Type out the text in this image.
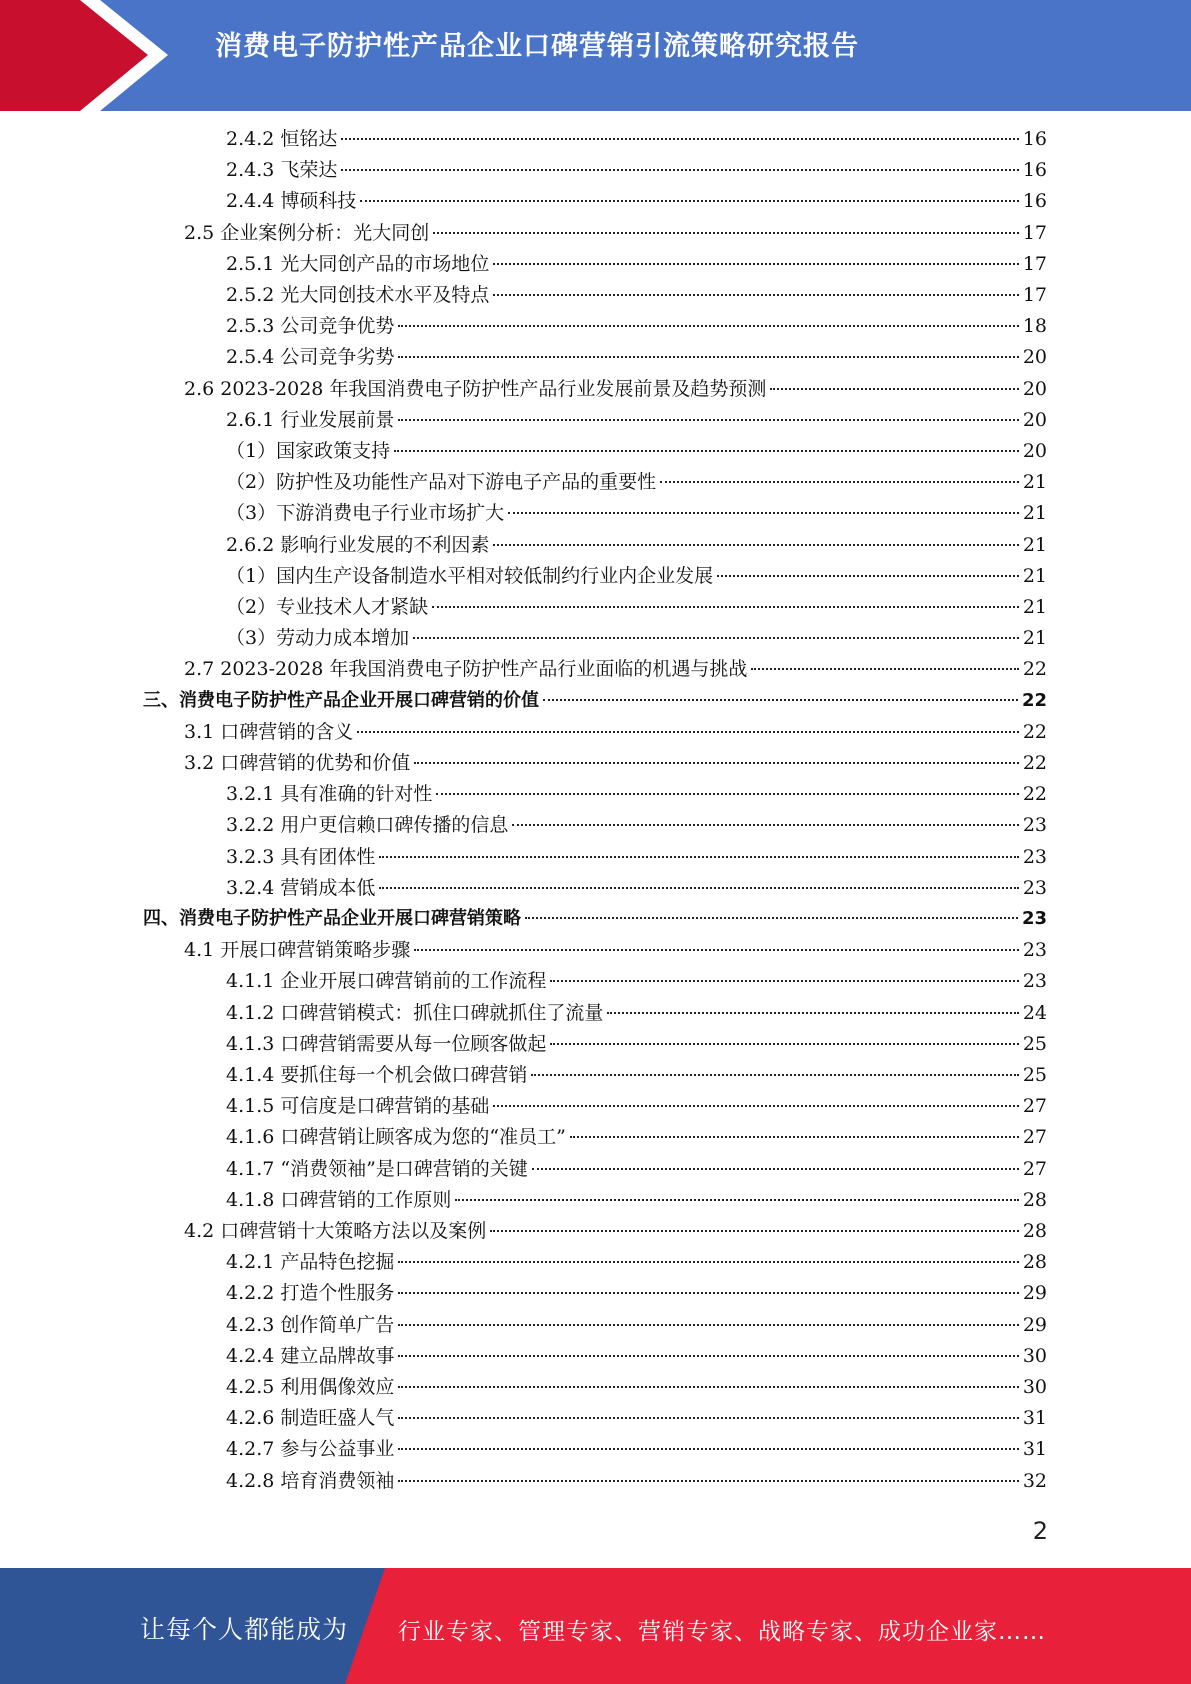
消费电子防护性产品企业口碑营销引流策略研究报告
2.4.2 恒铭达	16
2.4.3 飞荣达	16
2.4.4 博硕科技	16
2.5 企业案例分析：光大同创	17
2.5.1 光大同创产品的市场地位	17
2.5.2 光大同创技术水平及特点	17
2.5.3 公司竞争优势	18
2.5.4 公司竞争劣势	20
2.6 2023-2028 年我国消费电子防护性产品行业发展前景及趋势预测	20
2.6.1 行业发展前景	20
（1）国家政策支持	20
（2）防护性及功能性产品对下游电子产品的重要性	21
（3）下游消费电子行业市场扩大	21
2.6.2 影响行业发展的不利因素	21
（1）国内生产设备制造水平相对较低制约行业内企业发展	21
（2）专业技术人才紧缺	21
（3）劳动力成本增加	21
2.7 2023-2028 年我国消费电子防护性产品行业面临的机遇与挑战	22
三、消费电子防护性产品企业开展口碑营销的价值	22
3.1 口碑营销的含义	22
3.2 口碑营销的优势和价值	22
3.2.1 具有准确的针对性	22
3.2.2 用户更信赖口碑传播的信息	23
3.2.3 具有团体性	23
3.2.4 营销成本低	23
四、消费电子防护性产品企业开展口碑营销策略	23
4.1 开展口碑营销策略步骤	23
4.1.1 企业开展口碑营销前的工作流程	23
4.1.2 口碑营销模式：抓住口碑就抓住了流量	24
4.1.3 口碑营销需要从每一位顾客做起	25
4.1.4 要抓住每一个机会做口碑营销	25
4.1.5 可信度是口碑营销的基础	27
4.1.6 口碑营销让顾客成为您的“准员工”	27
4.1.7 “消费领袖”是口碑营销的关键	27
4.1.8 口碑营销的工作原则	28
4.2 口碑营销十大策略方法以及案例	28
4.2.1 产品特色挖掘	28
4.2.2 打造个性服务	29
4.2.3 创作简单广告	29
4.2.4 建立品牌故事	30
4.2.5 利用偶像效应	30
4.2.6 制造旺盛人气	31
4.2.7 参与公益事业	31
4.2.8 培育消费领袖	32
2
让每个人都能成为 行业专家、管理专家、营销专家、战略专家、成功企业家……
